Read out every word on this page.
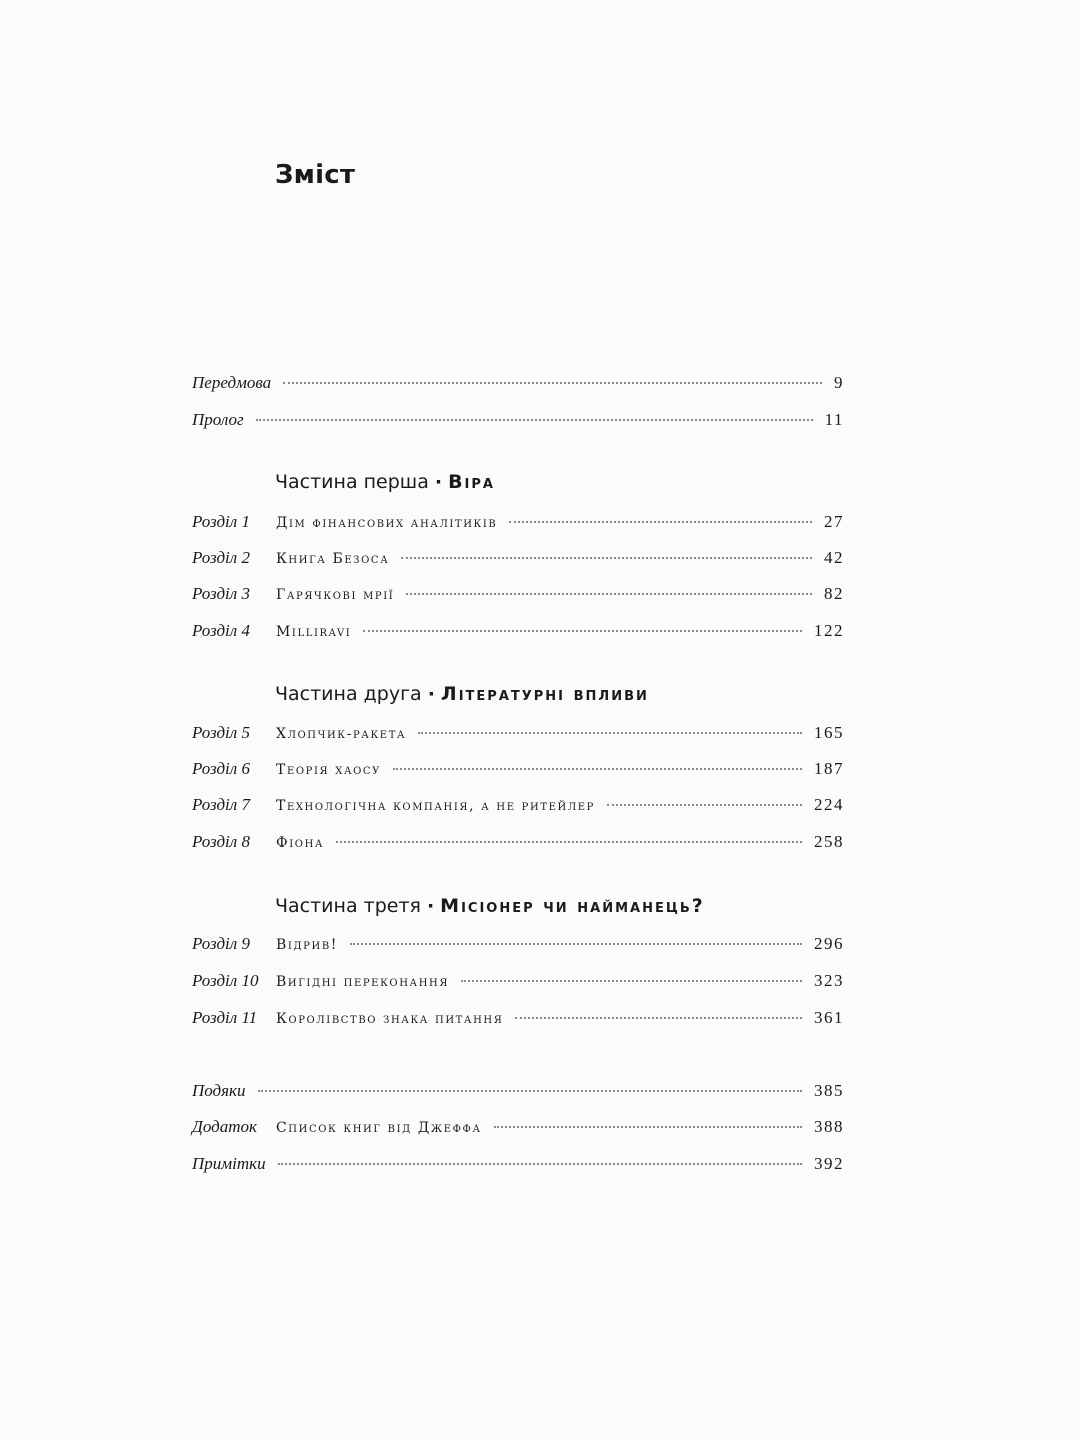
Зміст
Передмова	9
Пролог	11
Частина перша · Віра
Розділ 1	Дім фінансових аналітиків	27
Розділ 2	Книга Безоса	42
Розділ 3	Гарячкові мрії	82
Розділ 4	Milliravi	122
Частина друга · Літературні впливи
Розділ 5	Хлопчик-ракета	165
Розділ 6	Теорія хаосу	187
Розділ 7	Технологічна компанія, а не ритейлер	224
Розділ 8	Фіона	258
Частина третя · Місіонер чи найманець?
Розділ 9	Відрив!	296
Розділ 10	Вигідні переконання	323
Розділ 11	Королівство знака питання	361
Подяки	385
Додаток	Список книг від Джеффа	388
Примітки	392
